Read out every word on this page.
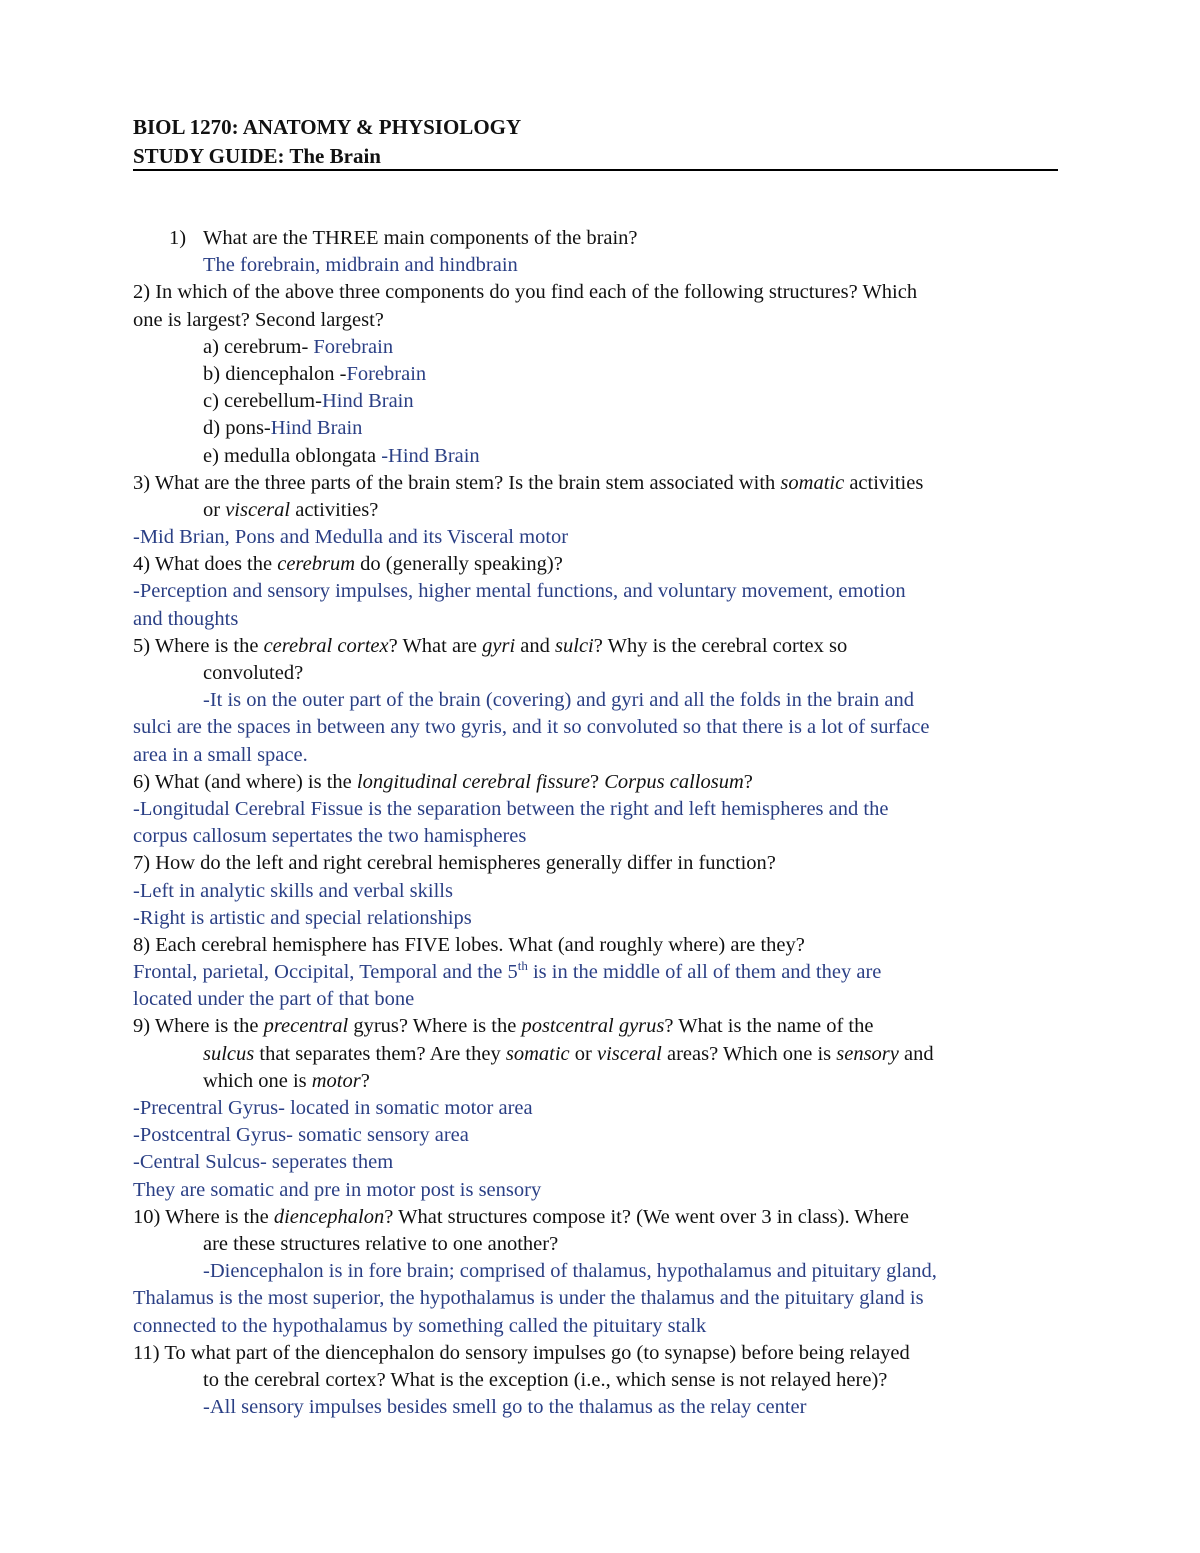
BIOL 1270: ANATOMY & PHYSIOLOGY
STUDY GUIDE: The Brain
1) What are the THREE main components of the brain?
The forebrain, midbrain and hindbrain
2) In which of the above three components do you find each of the following structures? Which
one is largest? Second largest?
a) cerebrum- Forebrain
b) diencephalon -Forebrain
c) cerebellum-Hind Brain
d) pons-Hind Brain
e) medulla oblongata -Hind Brain
3) What are the three parts of the brain stem? Is the brain stem associated with somatic activities
or visceral activities?
-Mid Brian, Pons and Medulla and its Visceral motor
4) What does the cerebrum do (generally speaking)?
-Perception and sensory impulses, higher mental functions, and voluntary movement, emotion
and thoughts
5) Where is the cerebral cortex? What are gyri and sulci? Why is the cerebral cortex so
convoluted?
-It is on the outer part of the brain (covering) and gyri and all the folds in the brain and
sulci are the spaces in between any two gyris, and it so convoluted so that there is a lot of surface
area in a small space.
6) What (and where) is the longitudinal cerebral fissure? Corpus callosum?
-Longitudal Cerebral Fissue is the separation between the right and left hemispheres and the
corpus callosum sepertates the two hamispheres
7) How do the left and right cerebral hemispheres generally differ in function?
-Left in analytic skills and verbal skills
-Right is artistic and special relationships
8) Each cerebral hemisphere has FIVE lobes. What (and roughly where) are they?
Frontal, parietal, Occipital, Temporal and the 5th is in the middle of all of them and they are
located under the part of that bone
9) Where is the precentral gyrus? Where is the postcentral gyrus? What is the name of the
sulcus that separates them? Are they somatic or visceral areas? Which one is sensory and
which one is motor?
-Precentral Gyrus- located in somatic motor area
-Postcentral Gyrus- somatic sensory area
-Central Sulcus- seperates them
They are somatic and pre in motor post is sensory
10) Where is the diencephalon? What structures compose it? (We went over 3 in class). Where
are these structures relative to one another?
-Diencephalon is in fore brain; comprised of thalamus, hypothalamus and pituitary gland,
Thalamus is the most superior, the hypothalamus is under the thalamus and the pituitary gland is
connected to the hypothalamus by something called the pituitary stalk
11) To what part of the diencephalon do sensory impulses go (to synapse) before being relayed
to the cerebral cortex? What is the exception (i.e., which sense is not relayed here)?
-All sensory impulses besides smell go to the thalamus as the relay center
